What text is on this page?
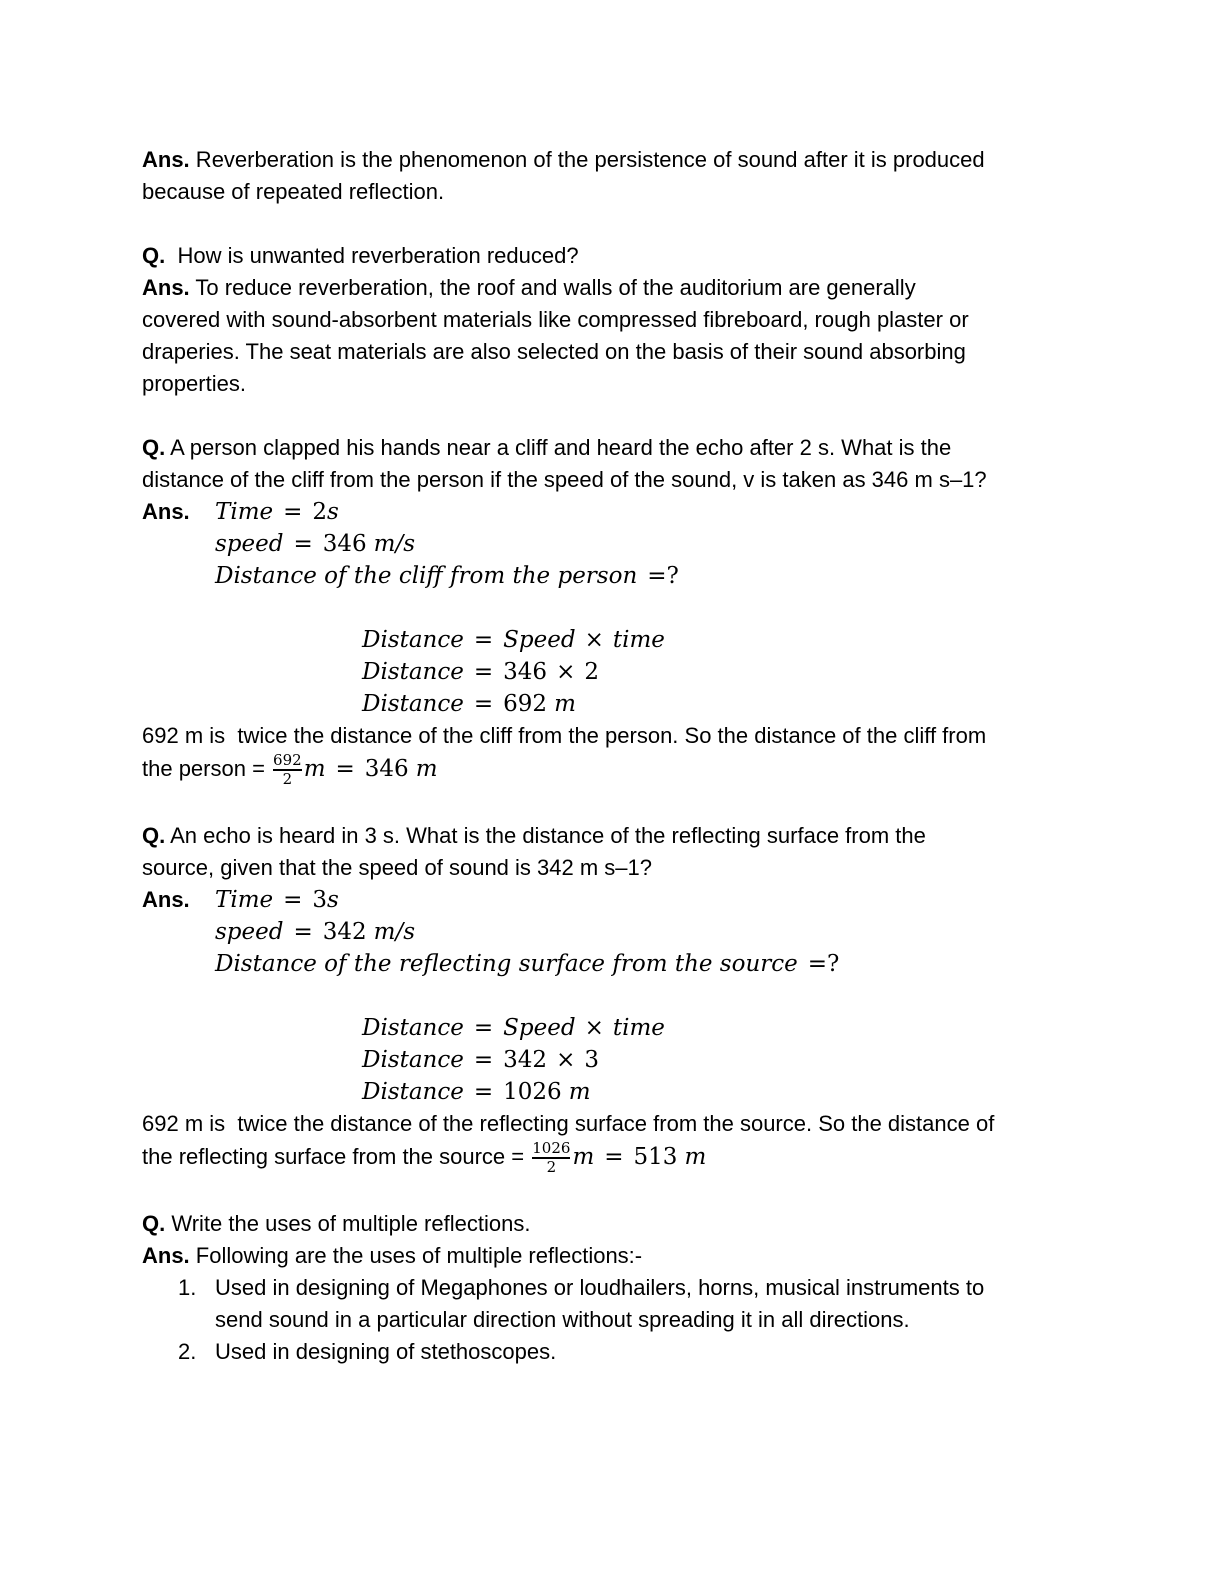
Ans. Reverberation is the phenomenon of the persistence of sound after it is produced
because of repeated reflection.
Q.  How is unwanted reverberation reduced?
Ans. To reduce reverberation, the roof and walls of the auditorium are generally
covered with sound-absorbent materials like compressed fibreboard, rough plaster or
draperies. The seat materials are also selected on the basis of their sound absorbing
properties.
Q. A person clapped his hands near a cliff and heard the echo after 2 s. What is the
distance of the cliff from the person if the speed of the sound, v is taken as 346 m s–1?
Ans. Time = 2s
speed = 346 m/s
Distance of the cliff from the person =?
Distance = Speed × time
Distance = 346 × 2
Distance = 692 m
692 m is  twice the distance of the cliff from the person. So the distance of the cliff from
the person = $\frac{692}{2}$ m = 346 m
Q. An echo is heard in 3 s. What is the distance of the reflecting surface from the
source, given that the speed of sound is 342 m s–1?
Ans. Time = 3s
speed = 342 m/s
Distance of the reflecting surface from the source =?
Distance = Speed × time
Distance = 342 × 3
Distance = 1026 m
692 m is  twice the distance of the reflecting surface from the source. So the distance of
the reflecting surface from the source = $\frac{1026}{2}$ m = 513 m
Q. Write the uses of multiple reflections.
Ans. Following are the uses of multiple reflections:-
1. Used in designing of Megaphones or loudhailers, horns, musical instruments to
send sound in a particular direction without spreading it in all directions.
2. Used in designing of stethoscopes.
